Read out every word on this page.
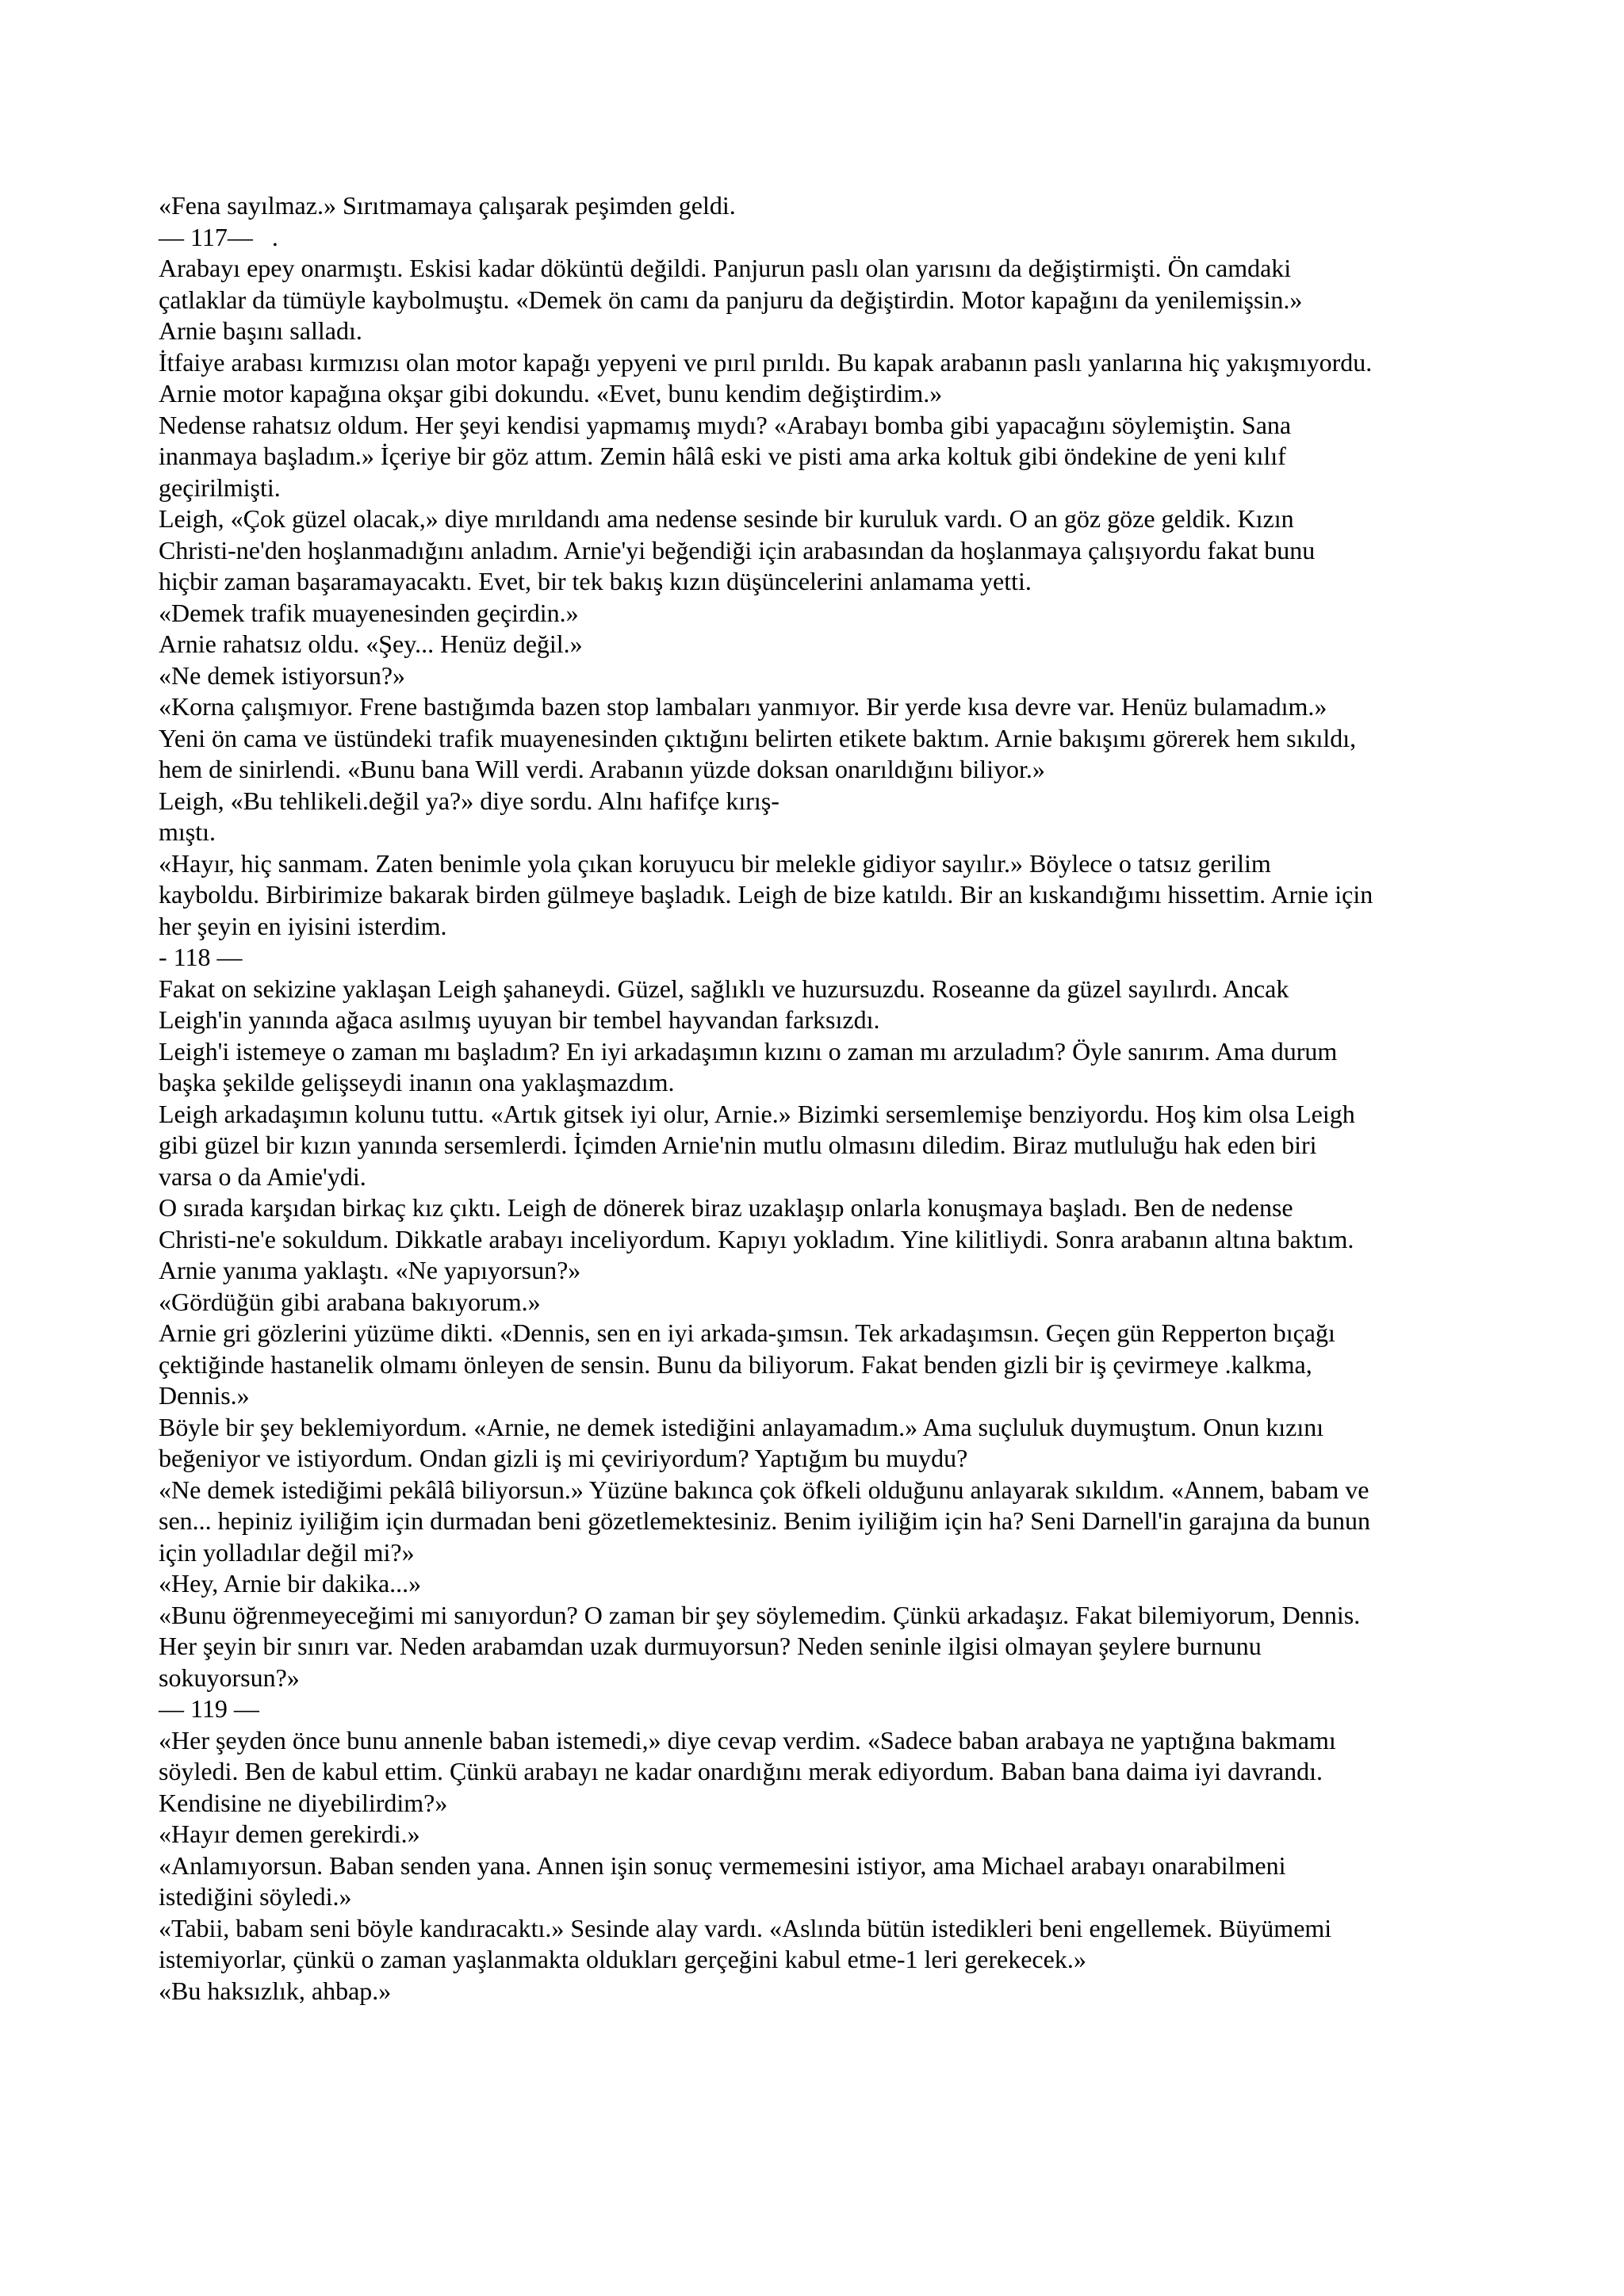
«Fena sayılmaz.» Sırıtmamaya çalışarak peşimden geldi.
— 117—   .
Arabayı epey onarmıştı. Eskisi kadar döküntü değildi. Panjurun paslı olan yarısını da değiştirmişti. Ön camdaki
çatlaklar da tümüyle kaybolmuştu. «Demek ön camı da panjuru da değiştirdin. Motor kapağını da yenilemişsin.»
Arnie başını salladı.
İtfaiye arabası kırmızısı olan motor kapağı yepyeni ve pırıl pırıldı. Bu kapak arabanın paslı yanlarına hiç yakışmıyordu.
Arnie motor kapağına okşar gibi dokundu. «Evet, bunu kendim değiştirdim.»
Nedense rahatsız oldum. Her şeyi kendisi yapmamış mıydı? «Arabayı bomba gibi yapacağını söylemiştin. Sana
inanmaya başladım.» İçeriye bir göz attım. Zemin hâlâ eski ve pisti ama arka koltuk gibi öndekine de yeni kılıf
geçirilmişti.
Leigh, «Çok güzel olacak,» diye mırıldandı ama nedense sesinde bir kuruluk vardı. O an göz göze geldik. Kızın
Christi-ne'den hoşlanmadığını anladım. Arnie'yi beğendiği için arabasından da hoşlanmaya çalışıyordu fakat bunu
hiçbir zaman başaramayacaktı. Evet, bir tek bakış kızın düşüncelerini anlamama yetti.
«Demek trafik muayenesinden geçirdin.»
Arnie rahatsız oldu. «Şey... Henüz değil.»
«Ne demek istiyorsun?»
«Korna çalışmıyor. Frene bastığımda bazen stop lambaları yanmıyor. Bir yerde kısa devre var. Henüz bulamadım.»
Yeni ön cama ve üstündeki trafik muayenesinden çıktığını belirten etikete baktım. Arnie bakışımı görerek hem sıkıldı,
hem de sinirlendi. «Bunu bana Will verdi. Arabanın yüzde doksan onarıldığını biliyor.»
Leigh, «Bu tehlikeli.değil ya?» diye sordu. Alnı hafifçe kırış-
mıştı.
«Hayır, hiç sanmam. Zaten benimle yola çıkan koruyucu bir melekle gidiyor sayılır.» Böylece o tatsız gerilim
kayboldu. Birbirimize bakarak birden gülmeye başladık. Leigh de bize katıldı. Bir an kıskandığımı hissettim. Arnie için
her şeyin en iyisini isterdim.
- 118 —
Fakat on sekizine yaklaşan Leigh şahaneydi. Güzel, sağlıklı ve huzursuzdu. Roseanne da güzel sayılırdı. Ancak
Leigh'in yanında ağaca asılmış uyuyan bir tembel hayvandan farksızdı.
Leigh'i istemeye o zaman mı başladım? En iyi arkadaşımın kızını o zaman mı arzuladım? Öyle sanırım. Ama durum
başka şekilde gelişseydi inanın ona yaklaşmazdım.
Leigh arkadaşımın kolunu tuttu. «Artık gitsek iyi olur, Arnie.» Bizimki sersemlemişe benziyordu. Hoş kim olsa Leigh
gibi güzel bir kızın yanında sersemlerdi. İçimden Arnie'nin mutlu olmasını diledim. Biraz mutluluğu hak eden biri
varsa o da Amie'ydi.
O sırada karşıdan birkaç kız çıktı. Leigh de dönerek biraz uzaklaşıp onlarla konuşmaya başladı. Ben de nedense
Christi-ne'e sokuldum. Dikkatle arabayı inceliyordum. Kapıyı yokladım. Yine kilitliydi. Sonra arabanın altına baktım.
Arnie yanıma yaklaştı. «Ne yapıyorsun?»
«Gördüğün gibi arabana bakıyorum.»
Arnie gri gözlerini yüzüme dikti. «Dennis, sen en iyi arkada-şımsın. Tek arkadaşımsın. Geçen gün Repperton bıçağı
çektiğinde hastanelik olmamı önleyen de sensin. Bunu da biliyorum. Fakat benden gizli bir iş çevirmeye .kalkma,
Dennis.»
Böyle bir şey beklemiyordum. «Arnie, ne demek istediğini anlayamadım.» Ama suçluluk duymuştum. Onun kızını
beğeniyor ve istiyordum. Ondan gizli iş mi çeviriyordum? Yaptığım bu muydu?
«Ne demek istediğimi pekâlâ biliyorsun.» Yüzüne bakınca çok öfkeli olduğunu anlayarak sıkıldım. «Annem, babam ve
sen... hepiniz iyiliğim için durmadan beni gözetlemektesiniz. Benim iyiliğim için ha? Seni Darnell'in garajına da bunun
için yolladılar değil mi?»
«Hey, Arnie bir dakika...»
«Bunu öğrenmeyeceğimi mi sanıyordun? O zaman bir şey söylemedim. Çünkü arkadaşız. Fakat bilemiyorum, Dennis.
Her şeyin bir sınırı var. Neden arabamdan uzak durmuyorsun? Neden seninle ilgisi olmayan şeylere burnunu
sokuyorsun?»
— 119 —
«Her şeyden önce bunu annenle baban istemedi,» diye cevap verdim. «Sadece baban arabaya ne yaptığına bakmamı
söyledi. Ben de kabul ettim. Çünkü arabayı ne kadar onardığını merak ediyordum. Baban bana daima iyi davrandı.
Kendisine ne diyebilirdim?»
«Hayır demen gerekirdi.»
«Anlamıyorsun. Baban senden yana. Annen işin sonuç vermemesini istiyor, ama Michael arabayı onarabilmeni
istediğini söyledi.»
«Tabii, babam seni böyle kandıracaktı.» Sesinde alay vardı. «Aslında bütün istedikleri beni engellemek. Büyümemi
istemiyorlar, çünkü o zaman yaşlanmakta oldukları gerçeğini kabul etme-1 leri gerekecek.»
«Bu haksızlık, ahbap.»
